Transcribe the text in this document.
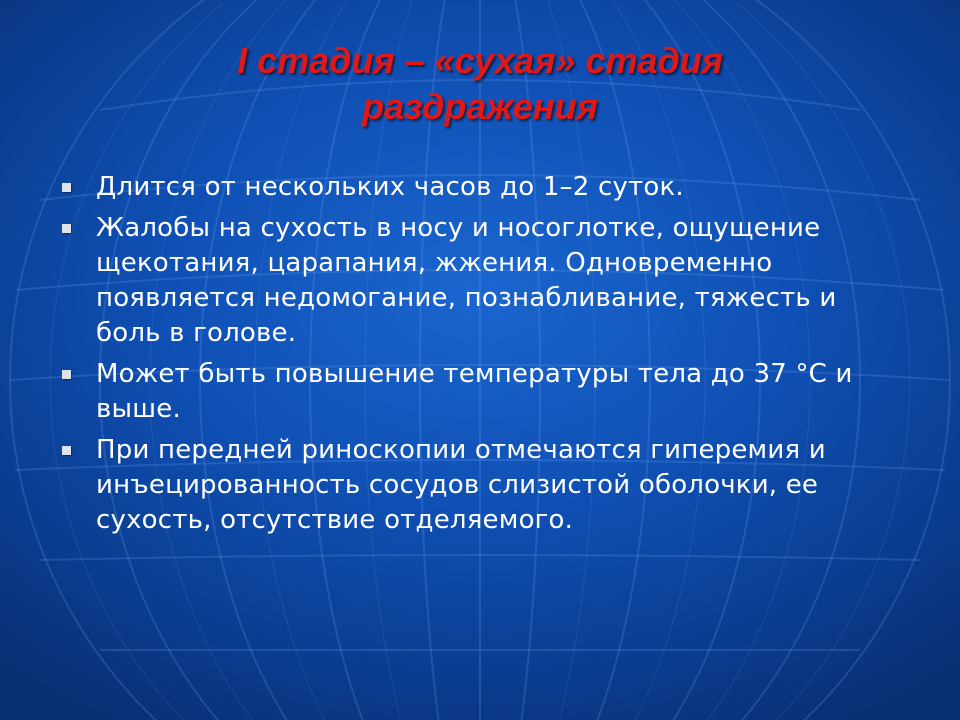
I стадия – «сухая» стадия
раздражения
Длится от нескольких часов до 1–2 суток.
Жалобы на сухость в носу и носоглотке, ощущение щекотания, царапания, жжения. Одновременно появляется недомогание, познабливание, тяжесть и боль в голове.
Может быть повышение температуры тела до 37 °С и выше.
При передней риноскопии отмечаются гиперемия и инъецированность сосудов слизистой оболочки, ее сухость, отсутствие отделяемого.
